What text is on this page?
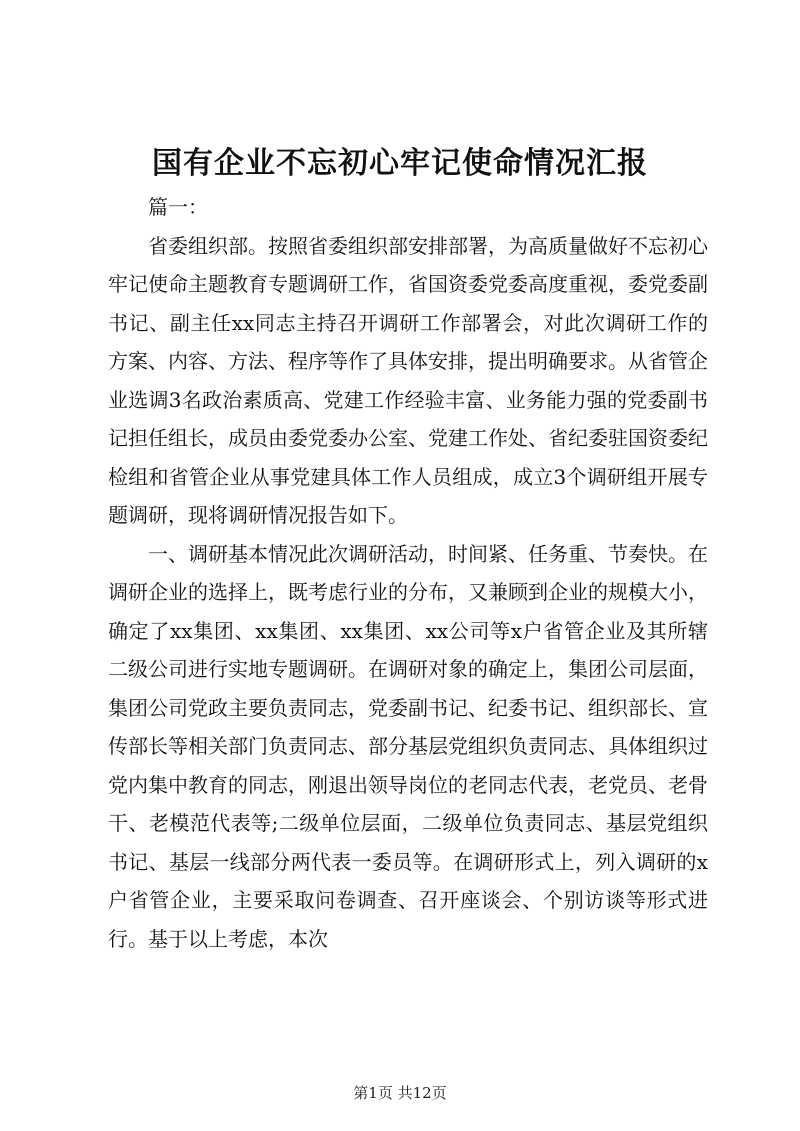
国有企业不忘初心牢记使命情况汇报

篇一：

省委组织部。按照省委组织部安排部署，为高质量做好不忘初心牢记使命主题教育专题调研工作，省国资委党委高度重视，委党委副书记、副主任xx同志主持召开调研工作部署会，对此次调研工作的方案、内容、方法、程序等作了具体安排，提出明确要求。从省管企业选调3名政治素质高、党建工作经验丰富、业务能力强的党委副书记担任组长，成员由委党委办公室、党建工作处、省纪委驻国资委纪检组和省管企业从事党建具体工作人员组成，成立3个调研组开展专题调研，现将调研情况报告如下。

一、调研基本情况此次调研活动，时间紧、任务重、节奏快。在调研企业的选择上，既考虑行业的分布，又兼顾到企业的规模大小，确定了xx集团、xx集团、xx集团、xx公司等x户省管企业及其所辖二级公司进行实地专题调研。在调研对象的确定上，集团公司层面，集团公司党政主要负责同志，党委副书记、纪委书记、组织部长、宣传部长等相关部门负责同志、部分基层党组织负责同志、具体组织过党内集中教育的同志，刚退出领导岗位的老同志代表，老党员、老骨干、老模范代表等;二级单位层面，二级单位负责同志、基层党组织书记、基层一线部分两代表一委员等。在调研形式上，列入调研的x户省管企业，主要采取问卷调查、召开座谈会、个别访谈等形式进行。基于以上考虑，本次

第1页 共12页
